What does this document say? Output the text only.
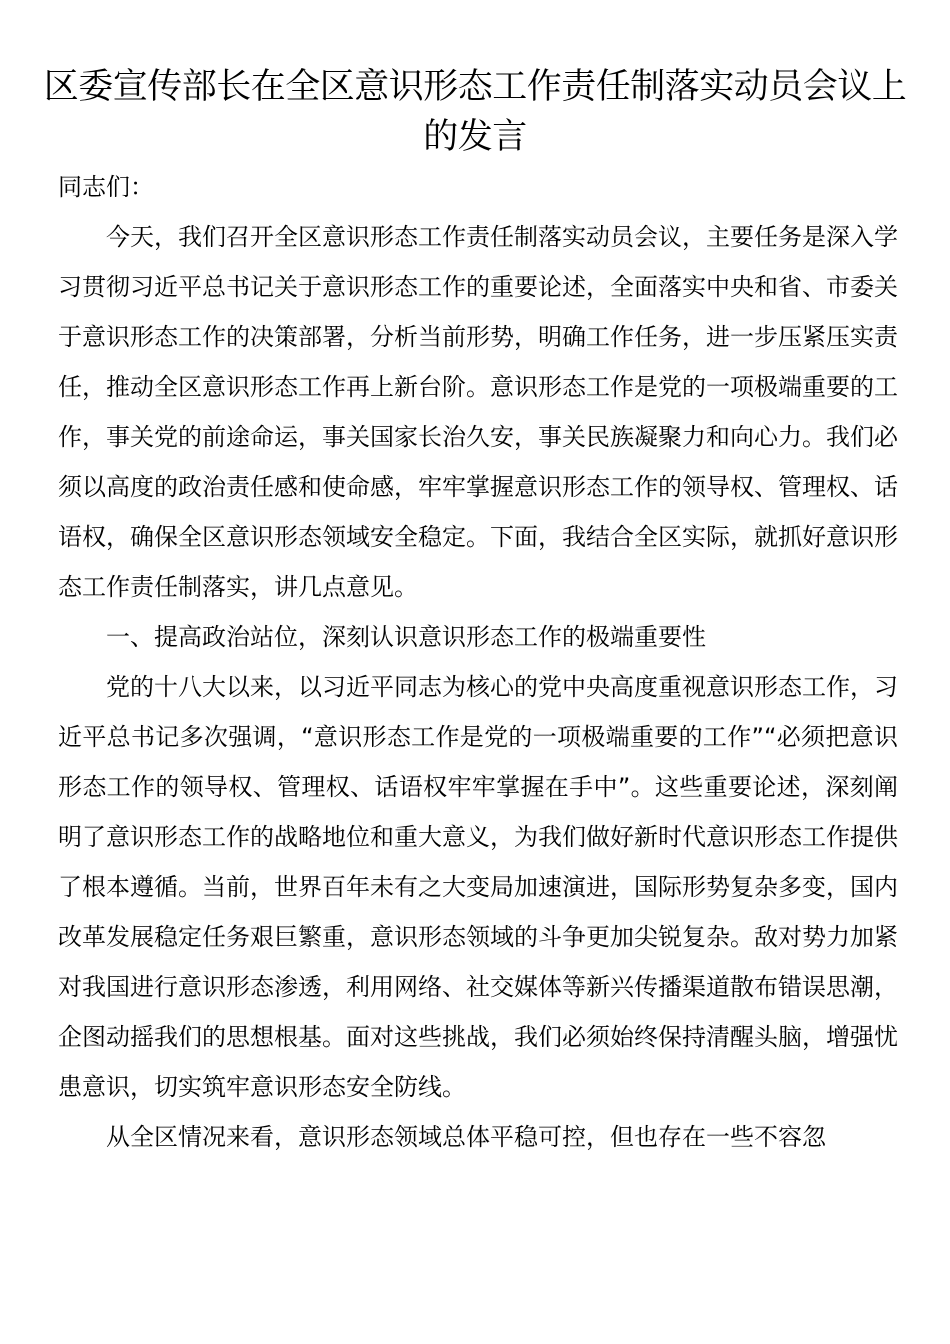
区委宣传部长在全区意识形态工作责任制落实动员会议上的发言
同志们：

今天，我们召开全区意识形态工作责任制落实动员会议，主要任务是深入学习贯彻习近平总书记关于意识形态工作的重要论述，全面落实中央和省、市委关于意识形态工作的决策部署，分析当前形势，明确工作任务，进一步压紧压实责任，推动全区意识形态工作再上新台阶。意识形态工作是党的一项极端重要的工作，事关党的前途命运，事关国家长治久安，事关民族凝聚力和向心力。我们必须以高度的政治责任感和使命感，牢牢掌握意识形态工作的领导权、管理权、话语权，确保全区意识形态领域安全稳定。下面，我结合全区实际，就抓好意识形态工作责任制落实，讲几点意见。

一、提高政治站位，深刻认识意识形态工作的极端重要性

党的十八大以来，以习近平同志为核心的党中央高度重视意识形态工作，习近平总书记多次强调，“意识形态工作是党的一项极端重要的工作”“必须把意识形态工作的领导权、管理权、话语权牢牢掌握在手中”。这些重要论述，深刻阐明了意识形态工作的战略地位和重大意义，为我们做好新时代意识形态工作提供了根本遵循。当前，世界百年未有之大变局加速演进，国际形势复杂多变，国内改革发展稳定任务艰巨繁重，意识形态领域的斗争更加尖锐复杂。敌对势力加紧对我国进行意识形态渗透，利用网络、社交媒体等新兴传播渠道散布错误思潮，企图动摇我们的思想根基。面对这些挑战，我们必须始终保持清醒头脑，增强忧患意识，切实筑牢意识形态安全防线。

从全区情况来看，意识形态领域总体平稳可控，但也存在一些不容忽
